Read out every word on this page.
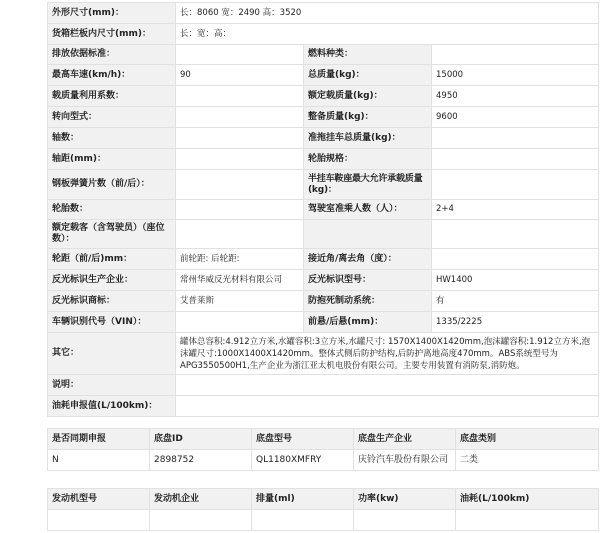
外形尺寸(mm)：	长：8060 宽：2490 高：3520		
货箱栏板内尺寸(mm)：	长：宽：高：		
排放依据标准：		燃料种类：	
最高车速(km/h)：	90	总质量(kg)：	15000
载质量利用系数：		额定载质量(kg)：	4950
转向型式：		整备质量(kg)：	9600
轴数：		准拖挂车总质量(kg)：	
轴距(mm)：		轮胎规格：	
钢板弹簧片数（前/后）：		半挂车鞍座最大允许承载质量(kg)：	
轮胎数：		驾驶室准乘人数（人）：	2+4
额定载客（含驾驶员）（座位数）：			
轮距（前/后)mm：	前轮距: 后轮距:	接近角/离去角（度）：	
反光标识生产企业：	常州华威反光材料有限公司	反光标识型号：	HW1400
反光标识商标：	艾普莱斯	防抱死制动系统：	有
车辆识别代号（VIN）：		前悬/后悬(mm)：	1335/2225
其它：	罐体总容积:4.912立方米,水罐容积:3立方米,水罐尺寸: 1570X1400X1420mm,泡沫罐容积:1.912立方米,泡沫罐尺寸:1000X1400X1420mm。整体式侧后防护结构,后防护离地高度470mm。ABS系统型号为APG3550500H1,生产企业为浙江亚太机电股份有限公司。主要专用装置有消防泵,消防炮。		
说明：			
油耗申报值(L/100km)：			
是否同期申报	底盘ID	底盘型号	底盘生产企业	底盘类别
N	2898752	QL1180XMFRY	庆铃汽车股份有限公司	二类
发动机型号	发动机企业	排量(ml)	功率(kw)	油耗(L/100km)
